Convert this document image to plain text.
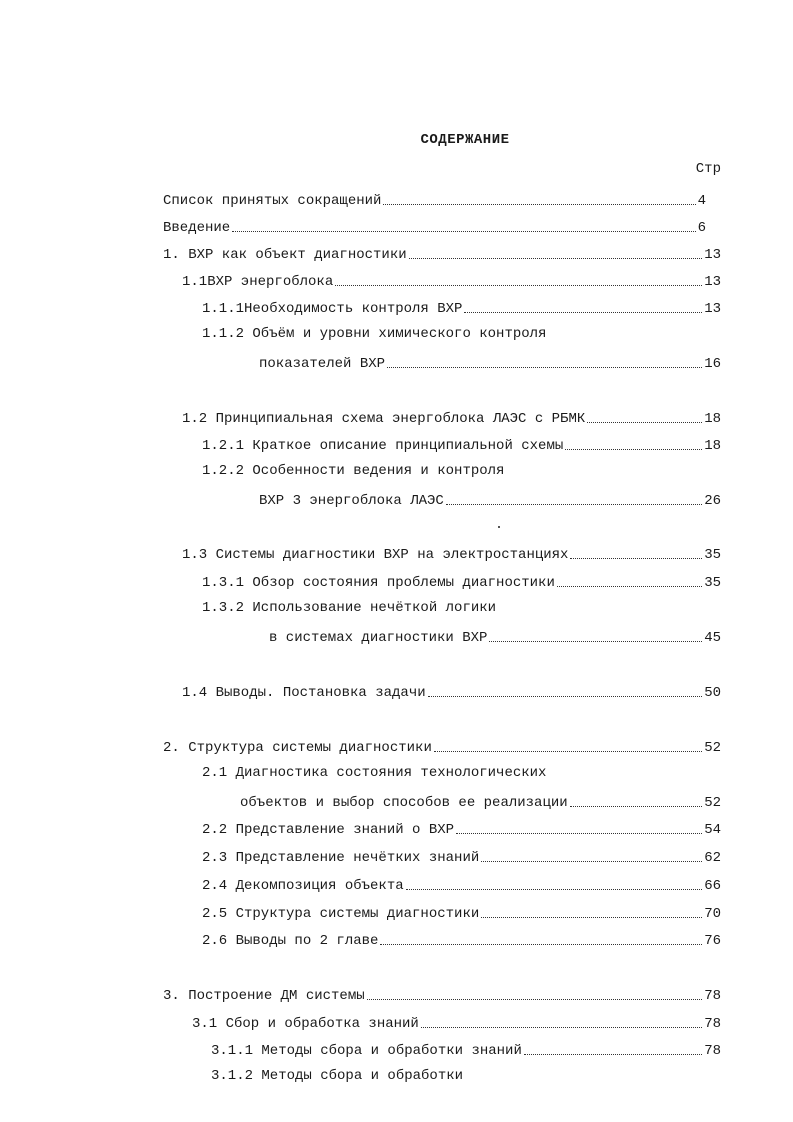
СОДЕРЖАНИЕ
Стр
Список принятых сокращений	4
Введение	6
1. ВХР как объект диагностики	13
1.1ВХР энергоблока	13
1.1.1Необходимость контроля ВХР	13
1.1.2 Объём и уровни химического контроля
показателей ВХР	16
1.2 Принципиальная схема энергоблока ЛАЭС с РБМК	18
1.2.1 Краткое описание принципиальной схемы	18
1.2.2 Особенности ведения и контроля
ВХР 3 энергоблока ЛАЭС	26
1.3 Системы диагностики ВХР на электростанциях	35
1.3.1 Обзор состояния проблемы диагностики	35
1.3.2 Использование нечёткой логики
в системах диагностики ВХР	45
1.4 Выводы. Постановка задачи	50
2. Структура системы диагностики	52
2.1 Диагностика состояния технологических
объектов и выбор способов ее реализации	52
2.2 Представление знаний о ВХР	54
2.3 Представление нечётких знаний	62
2.4 Декомпозиция объекта	66
2.5 Структура системы диагностики	70
2.6 Выводы по 2 главе	76
3. Построение ДМ системы	78
3.1 Сбор и обработка знаний	78
3.1.1 Методы сбора и обработки знаний	78
3.1.2 Методы сбора и обработки
